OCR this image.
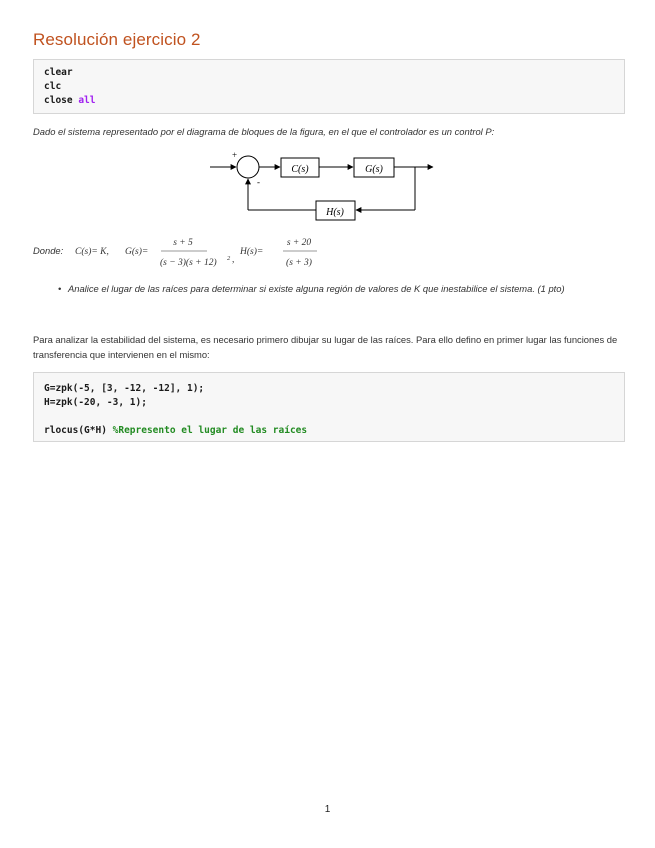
Resolución ejercicio 2
clear
clc
close all
Dado el sistema representado por el diagrama de bloques de la figura, en el que el controlador es un control P:
+
-
C(s)	G(s)
H(s)
Donde: C(s)= K, G(s)=
s + 5
(s − 3)(s + 12) 2 ,
H(s)=
s + 20
(s + 3)
• Analice el lugar de las raíces para determinar si existe alguna región de valores de K que inestabilice el sistema. (1 pto)
Para analizar la estabilidad del sistema, es necesario primero dibujar su lugar de las raíces. Para ello defino en primer lugar las funciones de transferencia que intervienen en el mismo:
G=zpk(-5, [3, -12, -12], 1);
H=zpk(-20, -3, 1);
rlocus(G*H) %Represento el lugar de las raíces
1
